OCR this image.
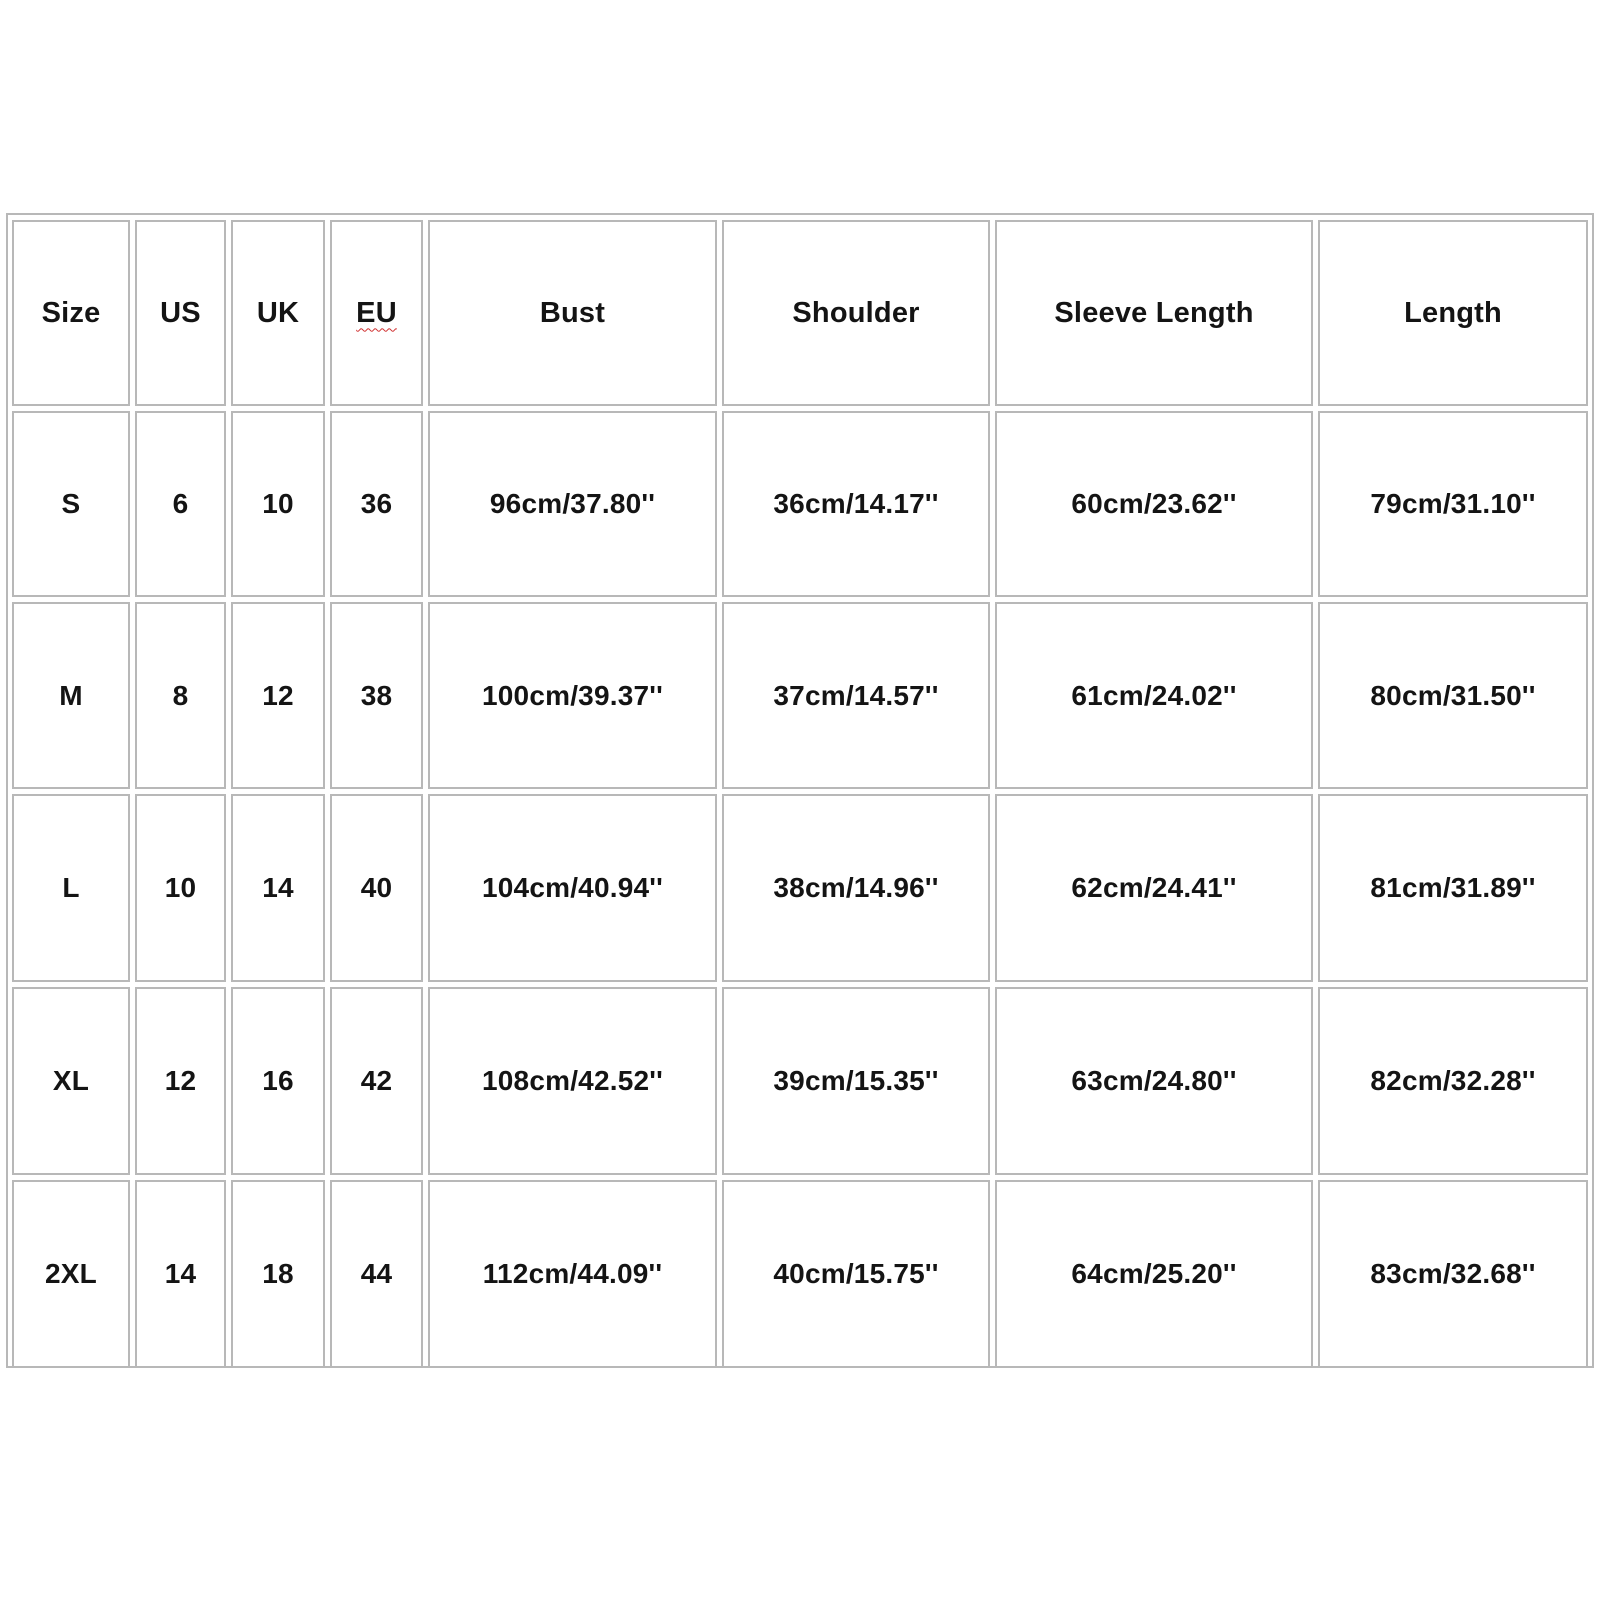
Size US UK EU	Bust	Shoulder	Sleeve Length	Length
S	6	10 36	96cm/37.80''	36cm/14.17''	60cm/23.62''	79cm/31.10''
M	8	12 38	100cm/39.37''	37cm/14.57''	61cm/24.02''	80cm/31.50''
L	10 14 40	104cm/40.94''	38cm/14.96''	62cm/24.41''	81cm/31.89''
XL	12 16 42	108cm/42.52''	39cm/15.35''	63cm/24.80''	82cm/32.28''
2XL 14 18 44	112cm/44.09''	40cm/15.75''	64cm/25.20''	83cm/32.68''
